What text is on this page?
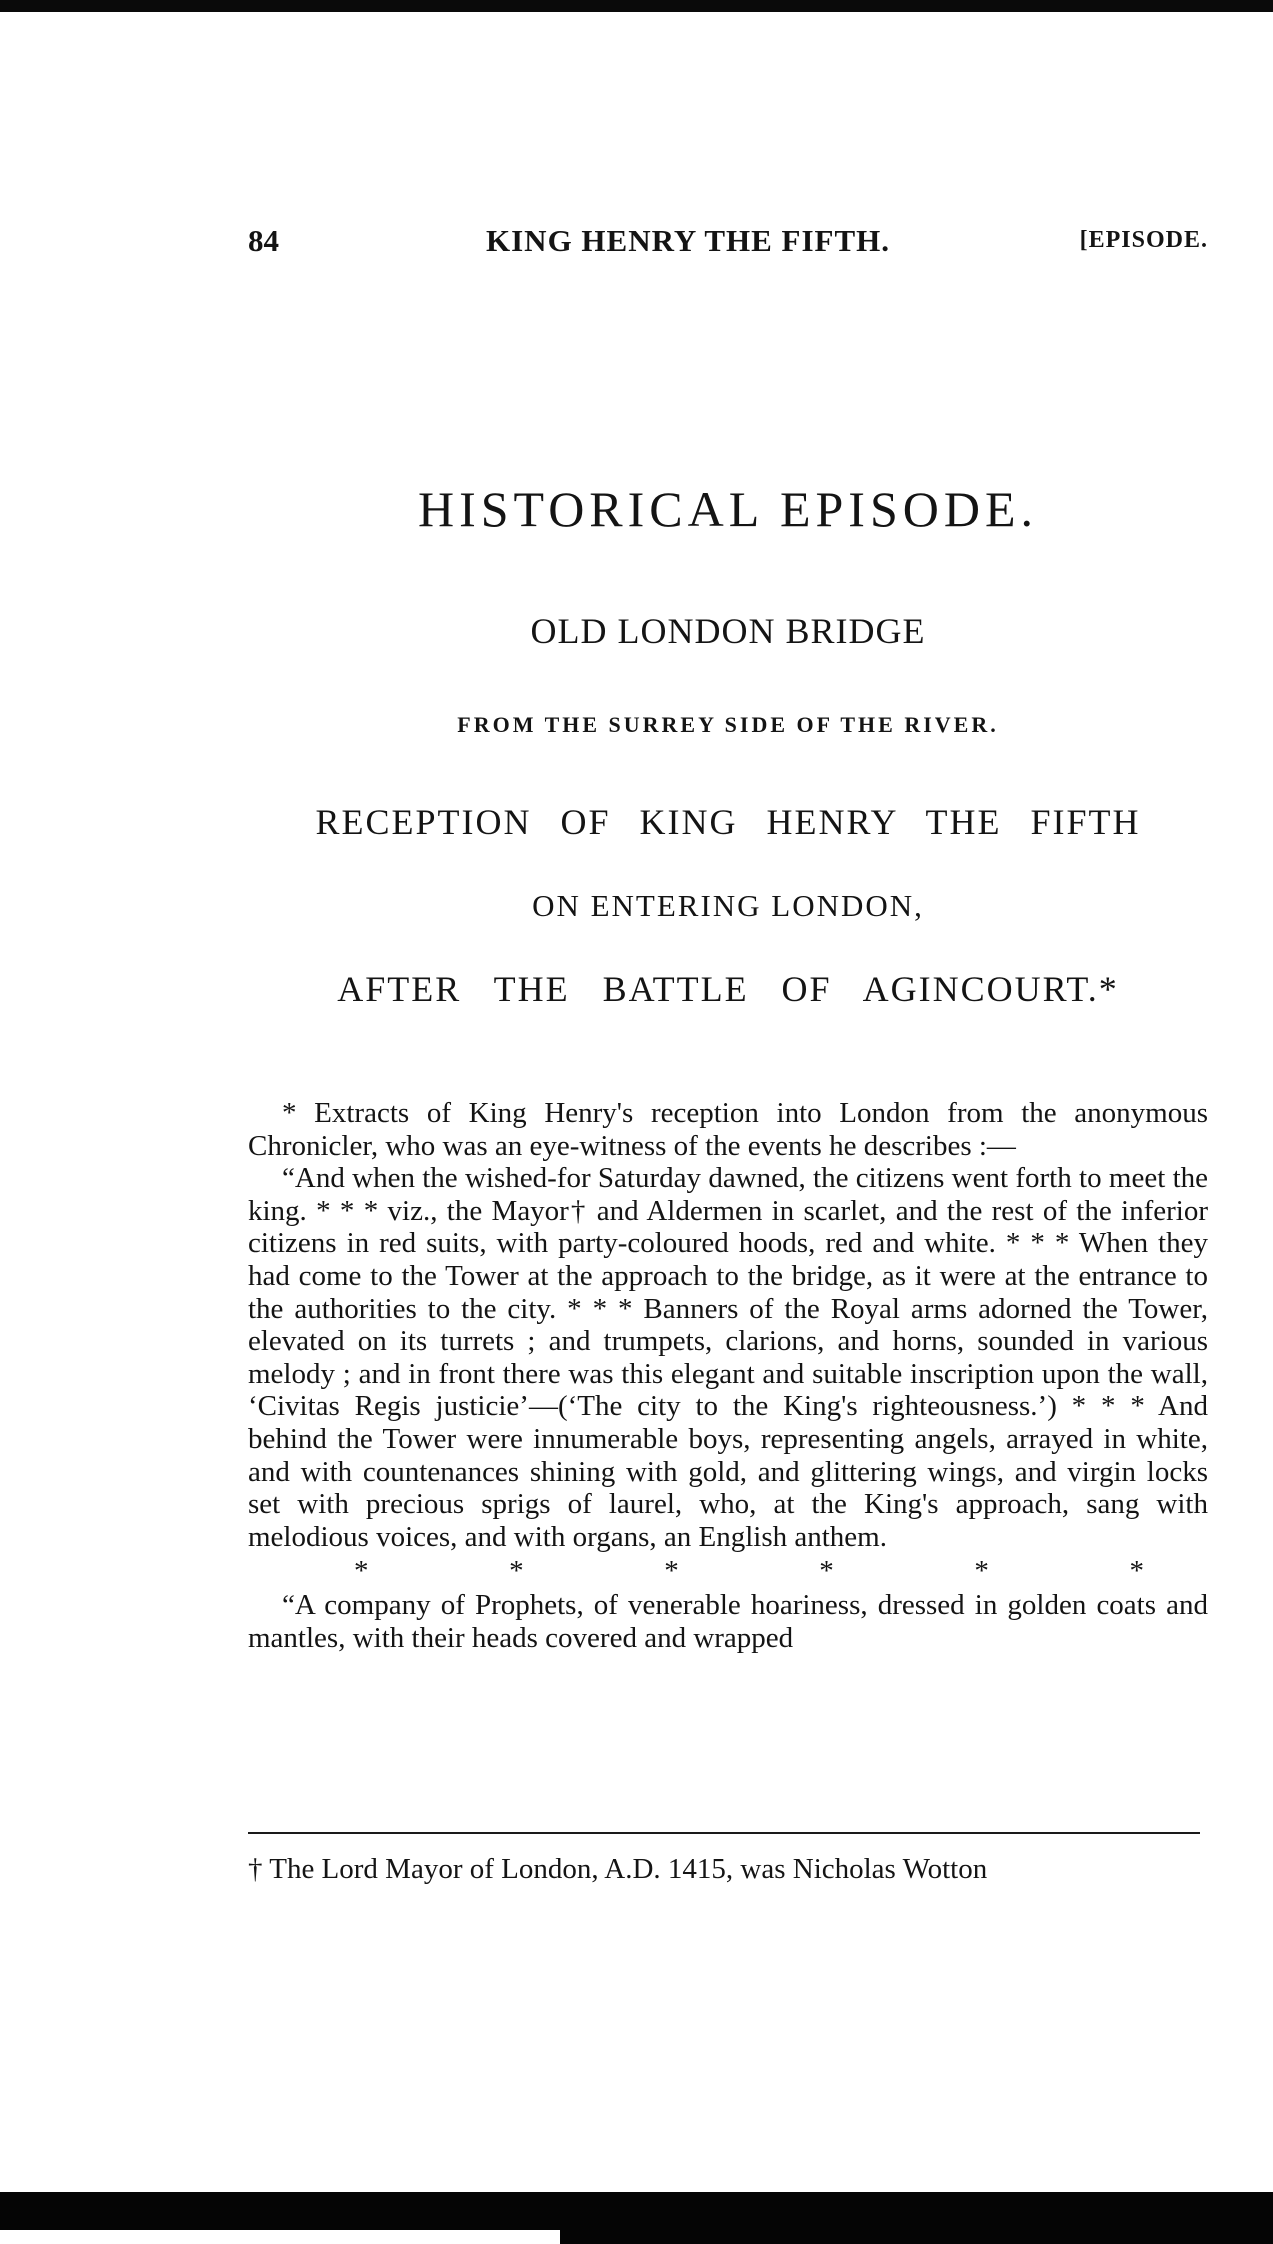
84	KING HENRY THE FIFTH.	[EPISODE.
HISTORICAL EPISODE.
OLD LONDON BRIDGE
FROM THE SURREY SIDE OF THE RIVER.
RECEPTION OF KING HENRY THE FIFTH
ON ENTERING LONDON,
AFTER THE BATTLE OF AGINCOURT.*

* Extracts of King Henry's reception into London from the anonymous Chronicler, who was an eye-witness of the events he describes :—

“And when the wished-for Saturday dawned, the citizens went forth to meet the king. * * * viz., the Mayor† and Aldermen in scarlet, and the rest of the inferior citizens in red suits, with party-coloured hoods, red and white. * * * When they had come to the Tower at the approach to the bridge, as it were at the entrance to the authorities to the city. * * * Banners of the Royal arms adorned the Tower, elevated on its turrets ; and trumpets, clarions, and horns, sounded in various melody ; and in front there was this elegant and suitable inscription upon the wall, ‘Civitas Regis justicie’—(‘The city to the King's righteousness.’) * * * And behind the Tower were innumerable boys, representing angels, arrayed in white, and with countenances shining with gold, and glittering wings, and virgin locks set with precious sprigs of laurel, who, at the King's approach, sang with melodious voices, and with organs, an English anthem.

*	*	*	*	*	*

“A company of Prophets, of venerable hoariness, dressed in golden coats and mantles, with their heads covered and wrapped

† The Lord Mayor of London, A.D. 1415, was Nicholas Wotton
